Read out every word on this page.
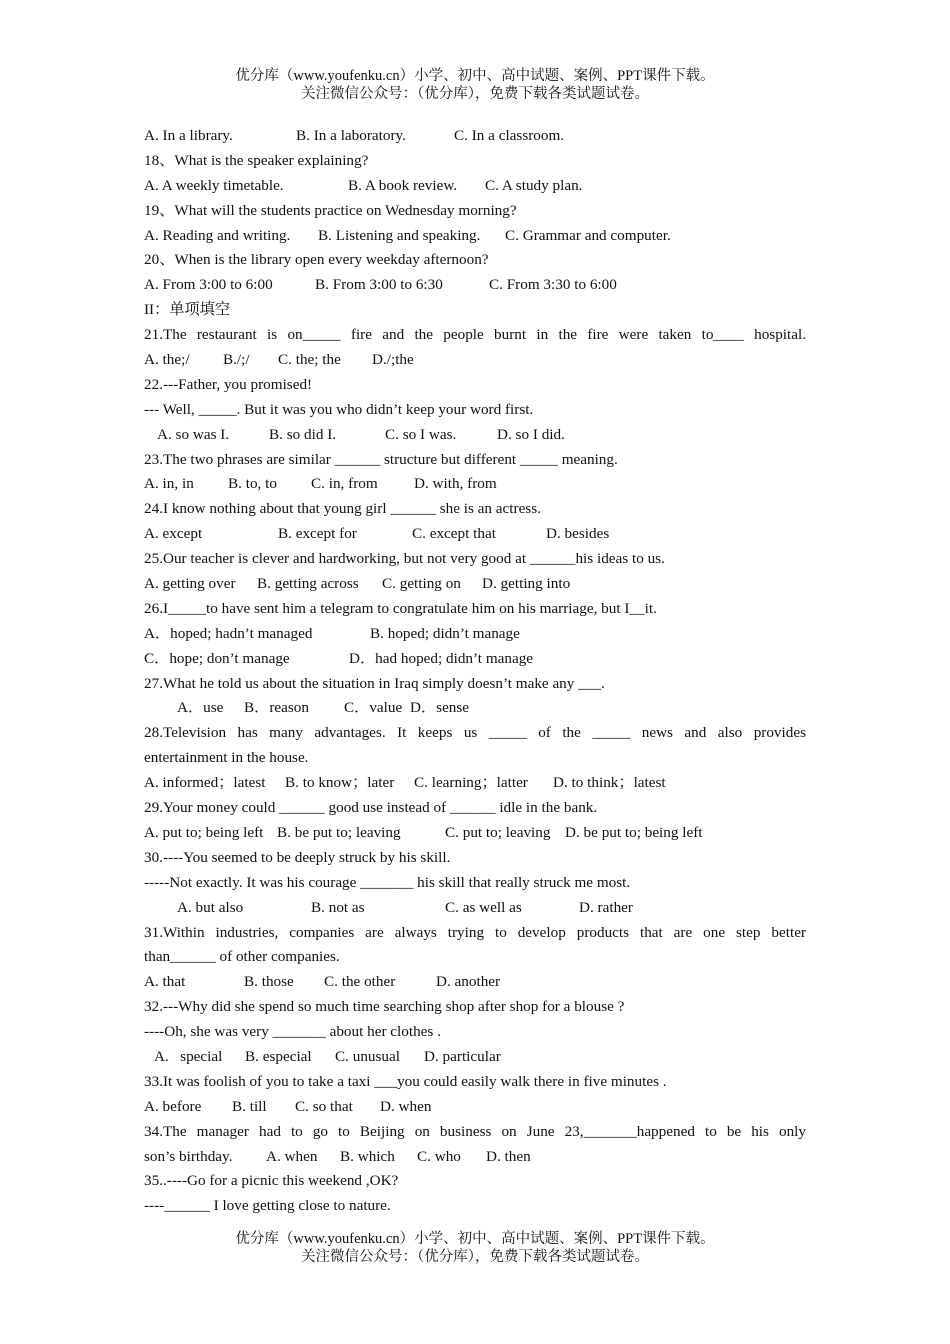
优分库（www.youfenku.cn）小学、初中、高中试题、案例、PPT课件下载。
关注微信公众号：（优分库），免费下载各类试题试卷。
A. In a library.	B. In a laboratory.	C. In a classroom.
18、What is the speaker explaining?
A. A weekly timetable.	B. A book review. C. A study plan.
19、What will the students practice on Wednesday morning?
A. Reading and writing. B. Listening and speaking. C. Grammar and computer.
20、When is the library open every weekday afternoon?
A. From 3:00 to 6:00	B. From 3:00 to 6:30	C. From 3:30 to 6:00
II：单项填空
21.The restaurant is on_____ fire and the people burnt in the fire were taken to____ hospital.
A. the;/ B./;/ C. the; the D./;the
22.---Father, you promised!
--- Well, _____. But it was you who didn’t keep your word first.
A. so was I.	B. so did I.	C. so I was.	D. so I did.
23.The two phrases are similar ______ structure but different _____ meaning.
A. in, in B. to, to C. in, from D. with, from
24.I know nothing about that young girl ______ she is an actress.
A. except	B. except for	C. except that	D. besides
25.Our teacher is clever and hardworking, but not very good at ______his ideas to us.
A. getting over B. getting across C. getting on D. getting into
26.I_____to have sent him a telegram to congratulate him on his marriage, but I__it.
A．hoped; hadn’t managed	B. hoped; didn’t manage
C．hope; don’t manage	D．had hoped; didn’t manage
27.What he told us about the situation in Iraq simply doesn’t make any ___.
A．use B．reason C．value D．sense
28.Television has many advantages. It keeps us _____ of the _____ news and also provides
entertainment in the house.
A. informed；latest B. to know；later C. learning；latter D. to think；latest
29.Your money could ______ good use instead of ______ idle in the bank.
A. put to; being left B. be put to; leaving	C. put to; leaving D. be put to; being left
30.----You seemed to be deeply struck by his skill.
-----Not exactly. It was his courage _______ his skill that really struck me most.
A. but also	B. not as	C. as well as	D. rather
31.Within industries, companies are always trying to develop products that are one step better
than______ of other companies.
A. that	B. those C. the other	D. another
32.---Why did she spend so much time searching shop after shop for a blouse ?
----Oh, she was very _______ about her clothes .
A.   special B. especial C. unusual D. particular
33.It was foolish of you to take a taxi ___you could easily walk there in five minutes .
A. before B. till C. so that D. when
34.The manager had to go to Beijing on business on June 23,_______happened to be his only
son’s birthday. A. when B. which C. who D. then
35..----Go for a picnic this weekend ,OK?
----______ I love getting close to nature.
优分库（www.youfenku.cn）小学、初中、高中试题、案例、PPT课件下载。
关注微信公众号：（优分库），免费下载各类试题试卷。
